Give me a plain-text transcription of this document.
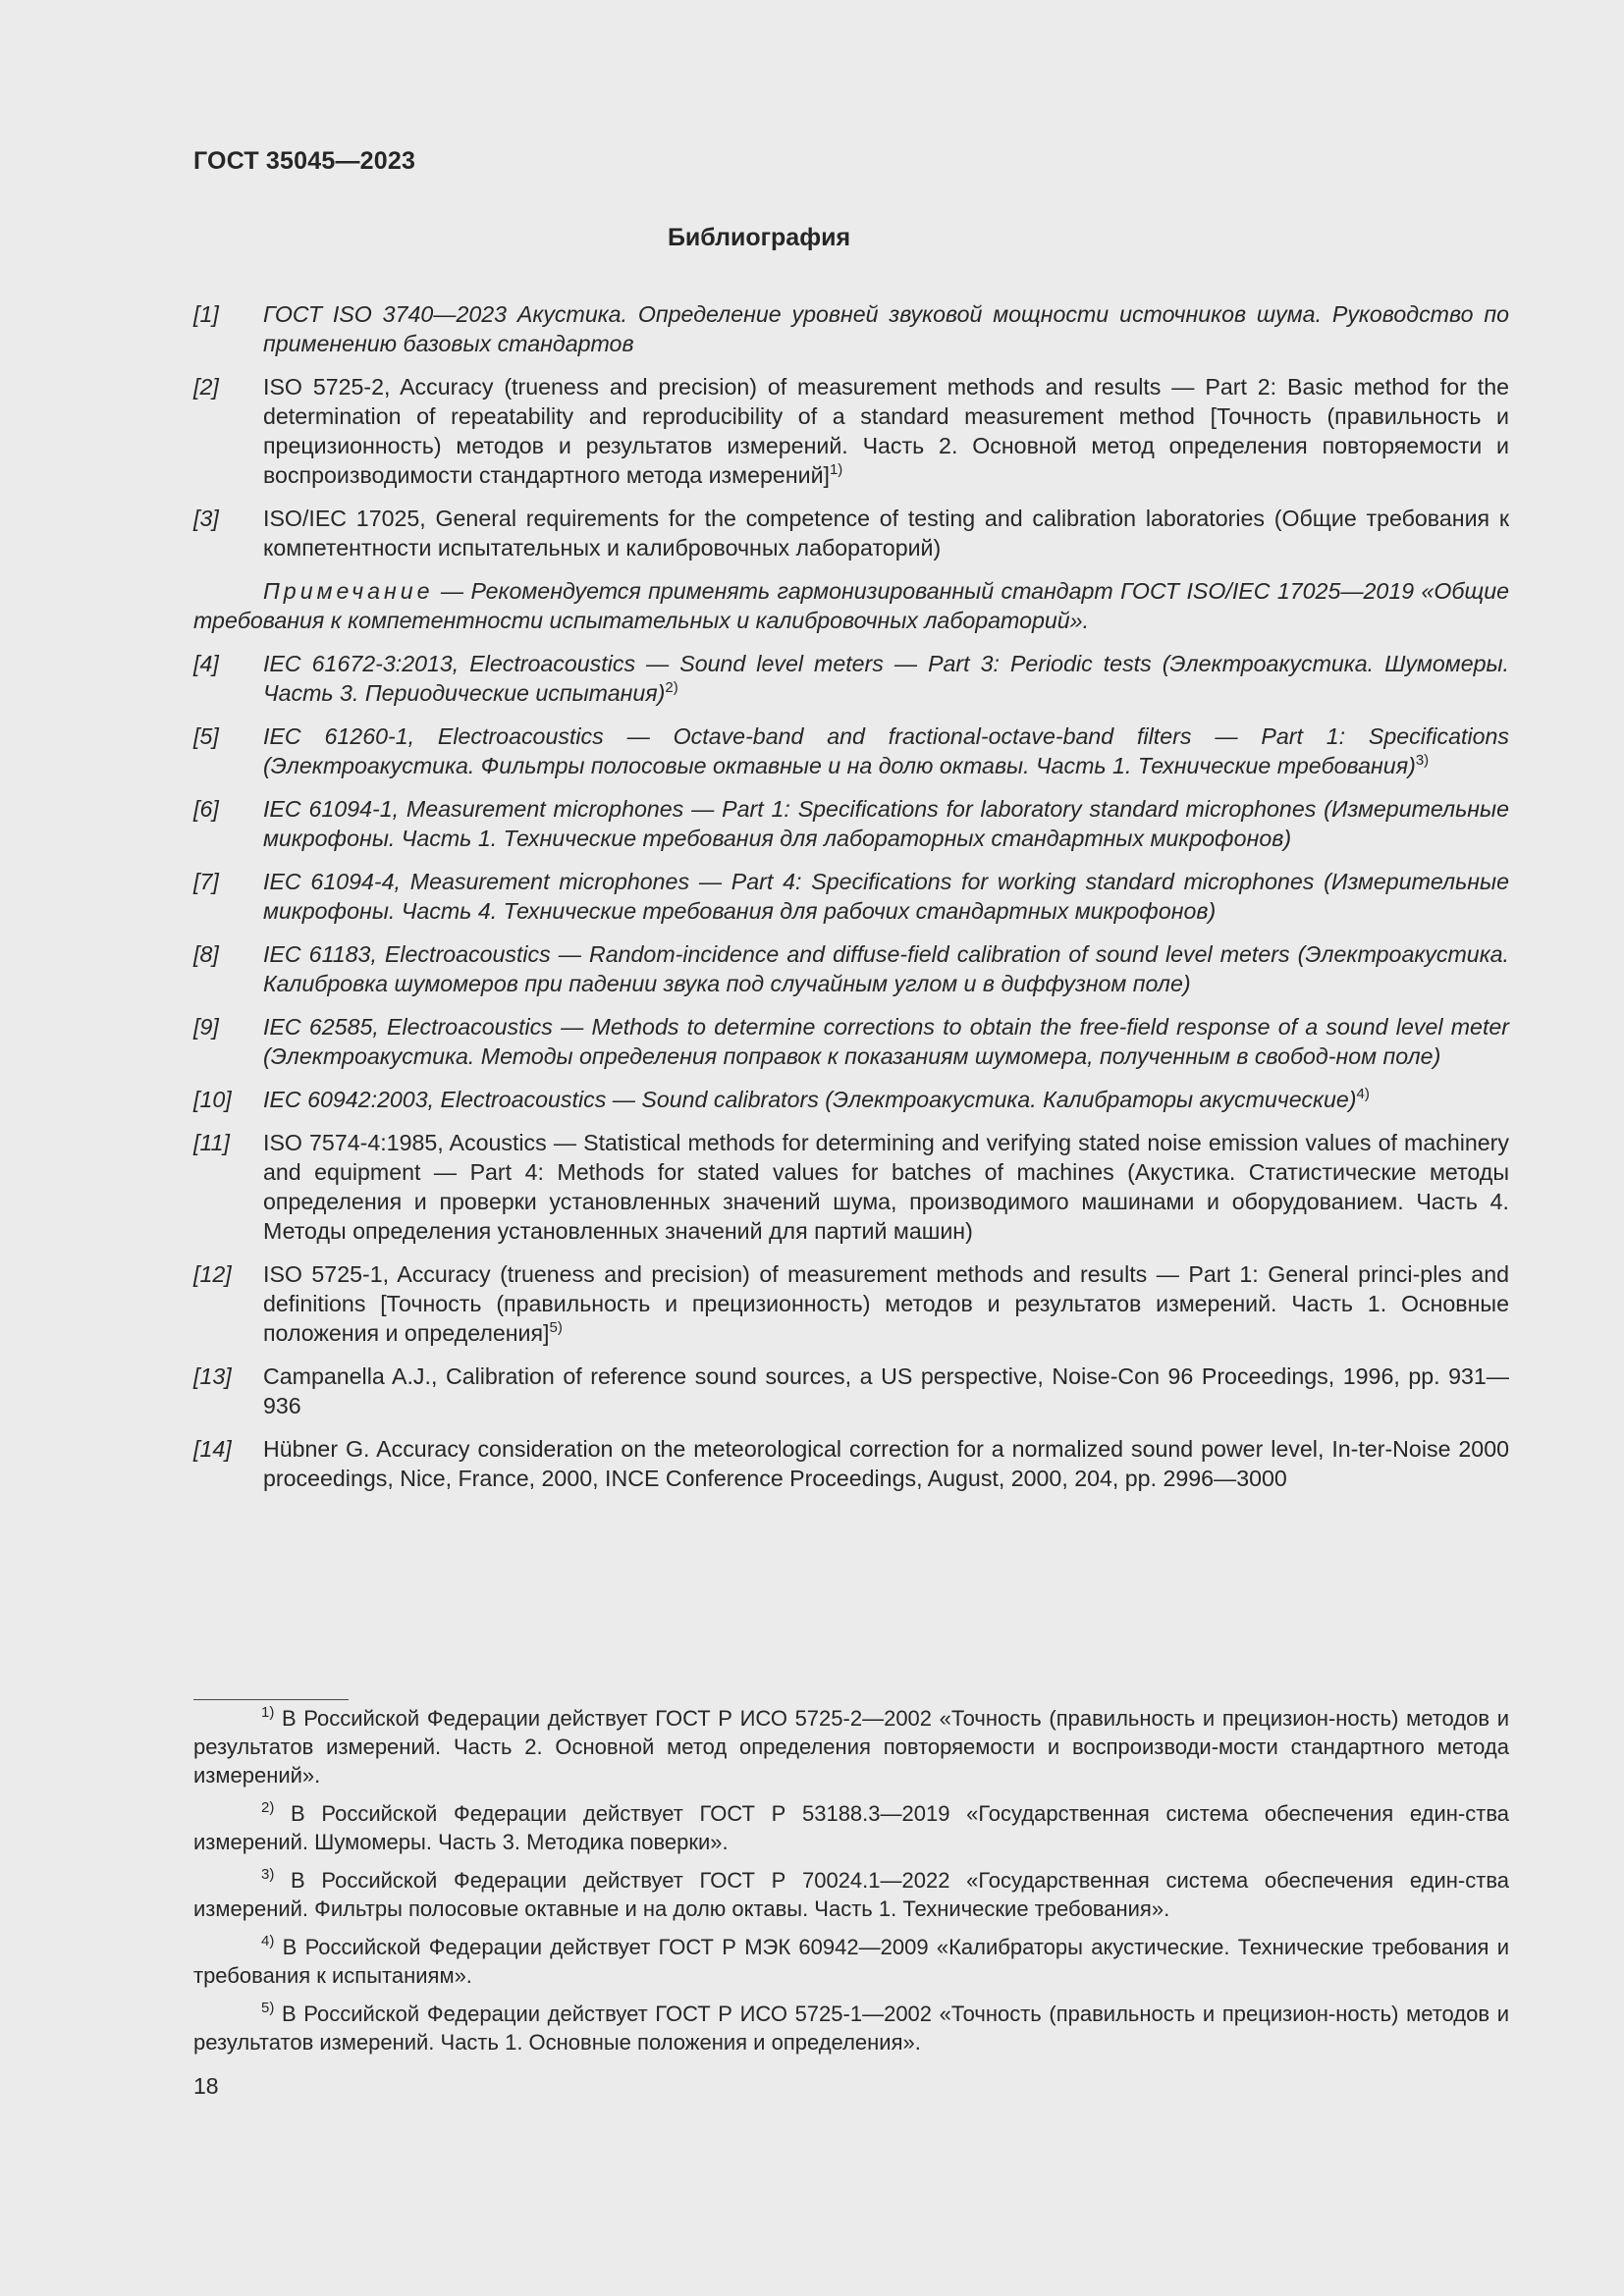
ГОСТ 35045—2023
Библиография
[1] ГОСТ ISO 3740—2023 Акустика. Определение уровней звуковой мощности источников шума. Руководство по применению базовых стандартов
[2] ISO 5725-2, Accuracy (trueness and precision) of measurement methods and results — Part 2: Basic method for the determination of repeatability and reproducibility of a standard measurement method [Точность (правильность и прецизионность) методов и результатов измерений. Часть 2. Основной метод определения повторяемости и воспроизводимости стандартного метода измерений]$^{1)}$
[3] ISO/IEC 17025, General requirements for the competence of testing and calibration laboratories (Общие требования к компетентности испытательных и калибровочных лабораторий)
Примечание — Рекомендуется применять гармонизированный стандарт ГОСТ ISO/IEC 17025—2019 «Общие требования к компетентности испытательных и калибровочных лабораторий».
[4] IEC 61672-3:2013, Electroacoustics — Sound level meters — Part 3: Periodic tests (Электроакустика. Шумомеры. Часть 3. Периодические испытания)$^{2)}$
[5] IEC 61260-1, Electroacoustics — Octave-band and fractional-octave-band filters — Part 1: Specifications (Электроакустика. Фильтры полосовые октавные и на долю октавы. Часть 1. Технические требования)$^{3)}$
[6] IEC 61094-1, Measurement microphones — Part 1: Specifications for laboratory standard microphones (Измерительные микрофоны. Часть 1. Технические требования для лабораторных стандартных микрофонов)
[7] IEC 61094-4, Measurement microphones — Part 4: Specifications for working standard microphones (Измерительные микрофоны. Часть 4. Технические требования для рабочих стандартных микрофонов)
[8] IEC 61183, Electroacoustics — Random-incidence and diffuse-field calibration of sound level meters (Электроакустика. Калибровка шумомеров при падении звука под случайным углом и в диффузном поле)
[9] IEC 62585, Electroacoustics — Methods to determine corrections to obtain the free-field response of a sound level meter (Электроакустика. Методы определения поправок к показаниям шумомера, полученным в свобод-ном поле)
[10] IEC 60942:2003, Electroacoustics — Sound calibrators (Электроакустика. Калибраторы акустические)$^{4)}$
[11] ISO 7574-4:1985, Acoustics — Statistical methods for determining and verifying stated noise emission values of machinery and equipment — Part 4: Methods for stated values for batches of machines (Акустика. Статистические методы определения и проверки установленных значений шума, производимого машинами и оборудованием. Часть 4. Методы определения установленных значений для партий машин)
[12] ISO 5725-1, Accuracy (trueness and precision) of measurement methods and results — Part 1: General princi-ples and definitions [Точность (правильность и прецизионность) методов и результатов измерений. Часть 1. Основные положения и определения]$^{5)}$
[13] Campanella A.J., Calibration of reference sound sources, a US perspective, Noise-Con 96 Proceedings, 1996, pp. 931—936
[14] Hübner G. Accuracy consideration on the meteorological correction for a normalized sound power level, In-ter-Noise 2000 proceedings, Nice, France, 2000, INCE Conference Proceedings, August, 2000, 204, pp. 2996—3000
$^{1)}$ В Российской Федерации действует ГОСТ Р ИСО 5725-2—2002 «Точность (правильность и прецизион-ность) методов и результатов измерений. Часть 2. Основной метод определения повторяемости и воспроизводи-мости стандартного метода измерений».
$^{2)}$ В Российской Федерации действует ГОСТ Р 53188.3—2019 «Государственная система обеспечения един-ства измерений. Шумомеры. Часть 3. Методика поверки».
$^{3)}$ В Российской Федерации действует ГОСТ Р 70024.1—2022 «Государственная система обеспечения един-ства измерений. Фильтры полосовые октавные и на долю октавы. Часть 1. Технические требования».
$^{4)}$ В Российской Федерации действует ГОСТ Р МЭК 60942—2009 «Калибраторы акустические. Технические требования и требования к испытаниям».
$^{5)}$ В Российской Федерации действует ГОСТ Р ИСО 5725-1—2002 «Точность (правильность и прецизион-ность) методов и результатов измерений. Часть 1. Основные положения и определения».
18
